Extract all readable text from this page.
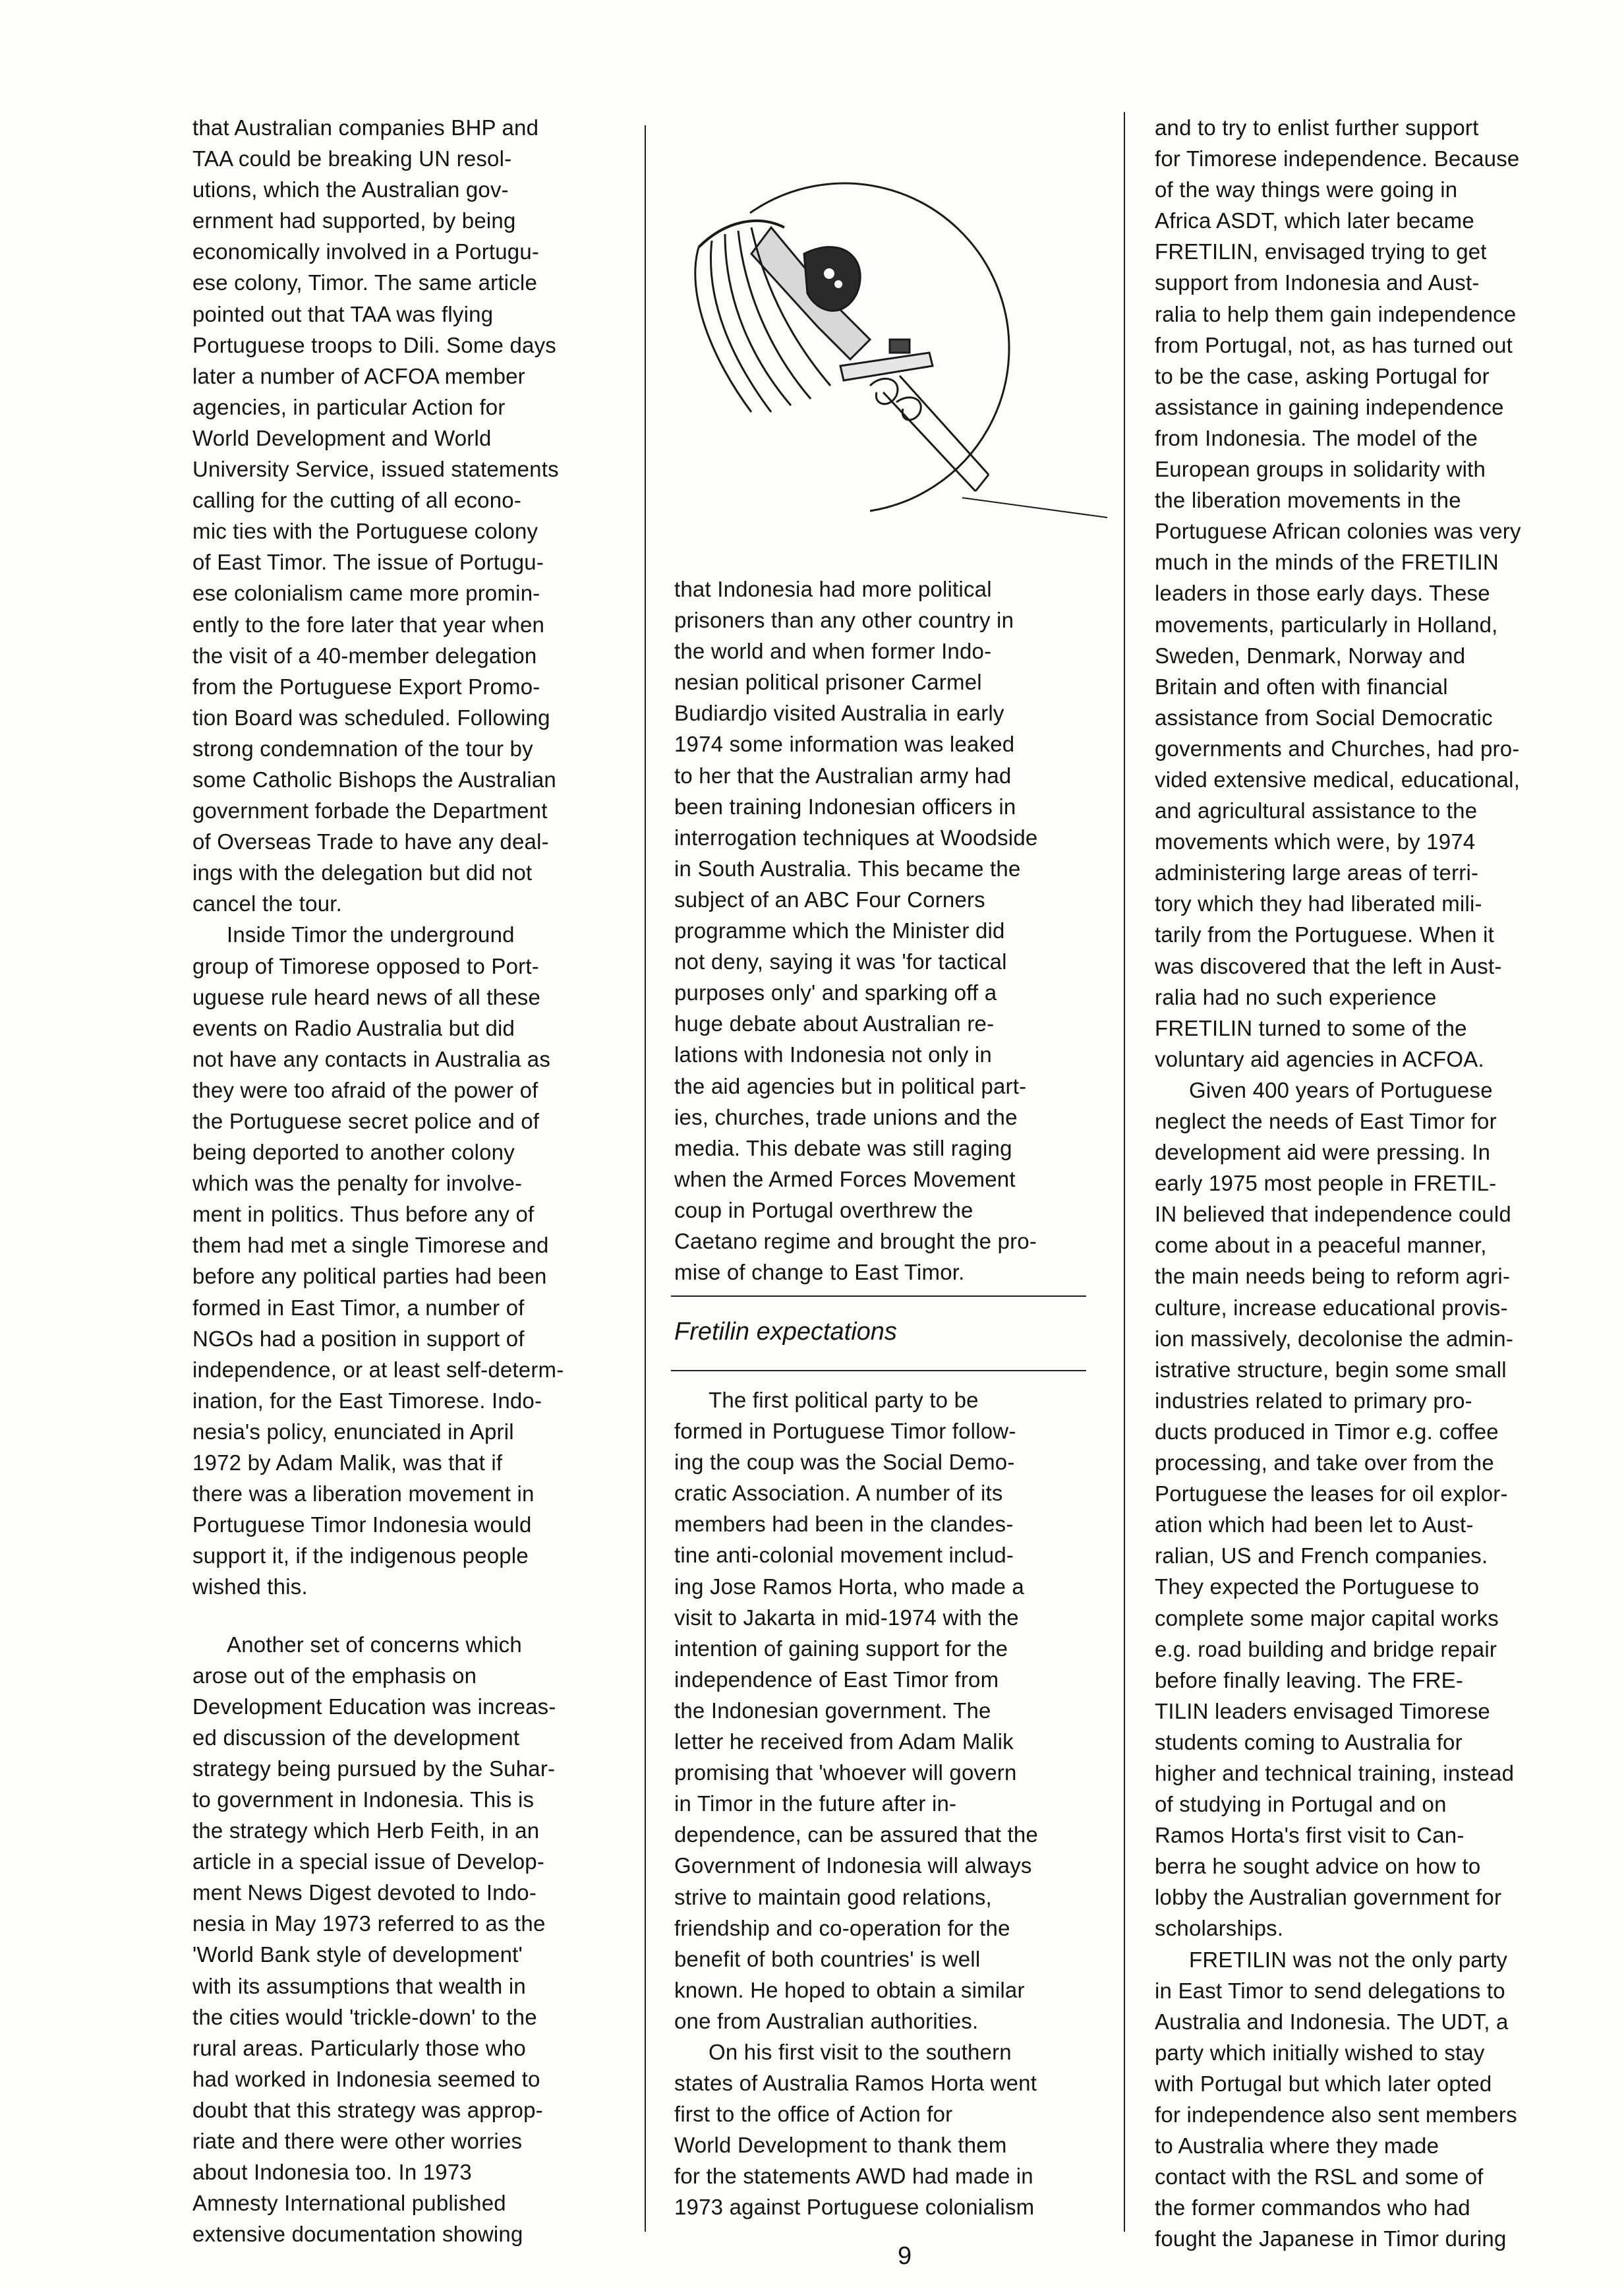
that Australian companies BHP and
TAA could be breaking UN resol-
utions, which the Australian gov-
ernment had supported, by being
economically involved in a Portugu-
ese colony, Timor. The same article
pointed out that TAA was flying
Portuguese troops to Dili. Some days
later a number of ACFOA member
agencies, in particular Action for
World Development and World
University Service, issued statements
calling for the cutting of all econo-
mic ties with the Portuguese colony
of East Timor. The issue of Portugu-
ese colonialism came more promin-
ently to the fore later that year when
the visit of a 40-member delegation
from the Portuguese Export Promo-
tion Board was scheduled. Following
strong condemnation of the tour by
some Catholic Bishops the Australian
government forbade the Department
of Overseas Trade to have any deal-
ings with the delegation but did not
cancel the tour.
Inside Timor the underground
group of Timorese opposed to Port-
uguese rule heard news of all these
events on Radio Australia but did
not have any contacts in Australia as
they were too afraid of the power of
the Portuguese secret police and of
being deported to another colony
which was the penalty for involve-
ment in politics. Thus before any of
them had met a single Timorese and
before any political parties had been
formed in East Timor, a number of
NGOs had a position in support of
independence, or at least self-determ-
ination, for the East Timorese. Indo-
nesia's policy, enunciated in April
1972 by Adam Malik, was that if
there was a liberation movement in
Portuguese Timor Indonesia would
support it, if the indigenous people
wished this.
Another set of concerns which
arose out of the emphasis on
Development Education was increas-
ed discussion of the development
strategy being pursued by the Suhar-
to government in Indonesia. This is
the strategy which Herb Feith, in an
article in a special issue of Develop-
ment News Digest devoted to Indo-
nesia in May 1973 referred to as the
'World Bank style of development'
with its assumptions that wealth in
the cities would 'trickle-down' to the
rural areas. Particularly those who
had worked in Indonesia seemed to
doubt that this strategy was approp-
riate and there were other worries
about Indonesia too. In 1973
Amnesty International published
extensive documentation showing
that Indonesia had more political
prisoners than any other country in
the world and when former Indo-
nesian political prisoner Carmel
Budiardjo visited Australia in early
1974 some information was leaked
to her that the Australian army had
been training Indonesian officers in
interrogation techniques at Woodside
in South Australia. This became the
subject of an ABC Four Corners
programme which the Minister did
not deny, saying it was 'for tactical
purposes only' and sparking off a
huge debate about Australian re-
lations with Indonesia not only in
the aid agencies but in political part-
ies, churches, trade unions and the
media. This debate was still raging
when the Armed Forces Movement
coup in Portugal overthrew the
Caetano regime and brought the pro-
mise of change to East Timor.
Fretilin expectations
The first political party to be
formed in Portuguese Timor follow-
ing the coup was the Social Demo-
cratic Association. A number of its
members had been in the clandes-
tine anti-colonial movement includ-
ing Jose Ramos Horta, who made a
visit to Jakarta in mid-1974 with the
intention of gaining support for the
independence of East Timor from
the Indonesian government. The
letter he received from Adam Malik
promising that 'whoever will govern
in Timor in the future after in-
dependence, can be assured that the
Government of Indonesia will always
strive to maintain good relations,
friendship and co-operation for the
benefit of both countries' is well
known. He hoped to obtain a similar
one from Australian authorities.
On his first visit to the southern
states of Australia Ramos Horta went
first to the office of Action for
World Development to thank them
for the statements AWD had made in
1973 against Portuguese colonialism
and to try to enlist further support
for Timorese independence. Because
of the way things were going in
Africa ASDT, which later became
FRETILIN, envisaged trying to get
support from Indonesia and Aust-
ralia to help them gain independence
from Portugal, not, as has turned out
to be the case, asking Portugal for
assistance in gaining independence
from Indonesia. The model of the
European groups in solidarity with
the liberation movements in the
Portuguese African colonies was very
much in the minds of the FRETILIN
leaders in those early days. These
movements, particularly in Holland,
Sweden, Denmark, Norway and
Britain and often with financial
assistance from Social Democratic
governments and Churches, had pro-
vided extensive medical, educational,
and agricultural assistance to the
movements which were, by 1974
administering large areas of terri-
tory which they had liberated mili-
tarily from the Portuguese. When it
was discovered that the left in Aust-
ralia had no such experience
FRETILIN turned to some of the
voluntary aid agencies in ACFOA.
Given 400 years of Portuguese
neglect the needs of East Timor for
development aid were pressing. In
early 1975 most people in FRETIL-
IN believed that independence could
come about in a peaceful manner,
the main needs being to reform agri-
culture, increase educational provis-
ion massively, decolonise the admin-
istrative structure, begin some small
industries related to primary pro-
ducts produced in Timor e.g. coffee
processing, and take over from the
Portuguese the leases for oil explor-
ation which had been let to Aust-
ralian, US and French companies.
They expected the Portuguese to
complete some major capital works
e.g. road building and bridge repair
before finally leaving. The FRE-
TILIN leaders envisaged Timorese
students coming to Australia for
higher and technical training, instead
of studying in Portugal and on
Ramos Horta's first visit to Can-
berra he sought advice on how to
lobby the Australian government for
scholarships.
FRETILIN was not the only party
in East Timor to send delegations to
Australia and Indonesia. The UDT, a
party which initially wished to stay
with Portugal but which later opted
for independence also sent members
to Australia where they made
contact with the RSL and some of
the former commandos who had
fought the Japanese in Timor during
9
